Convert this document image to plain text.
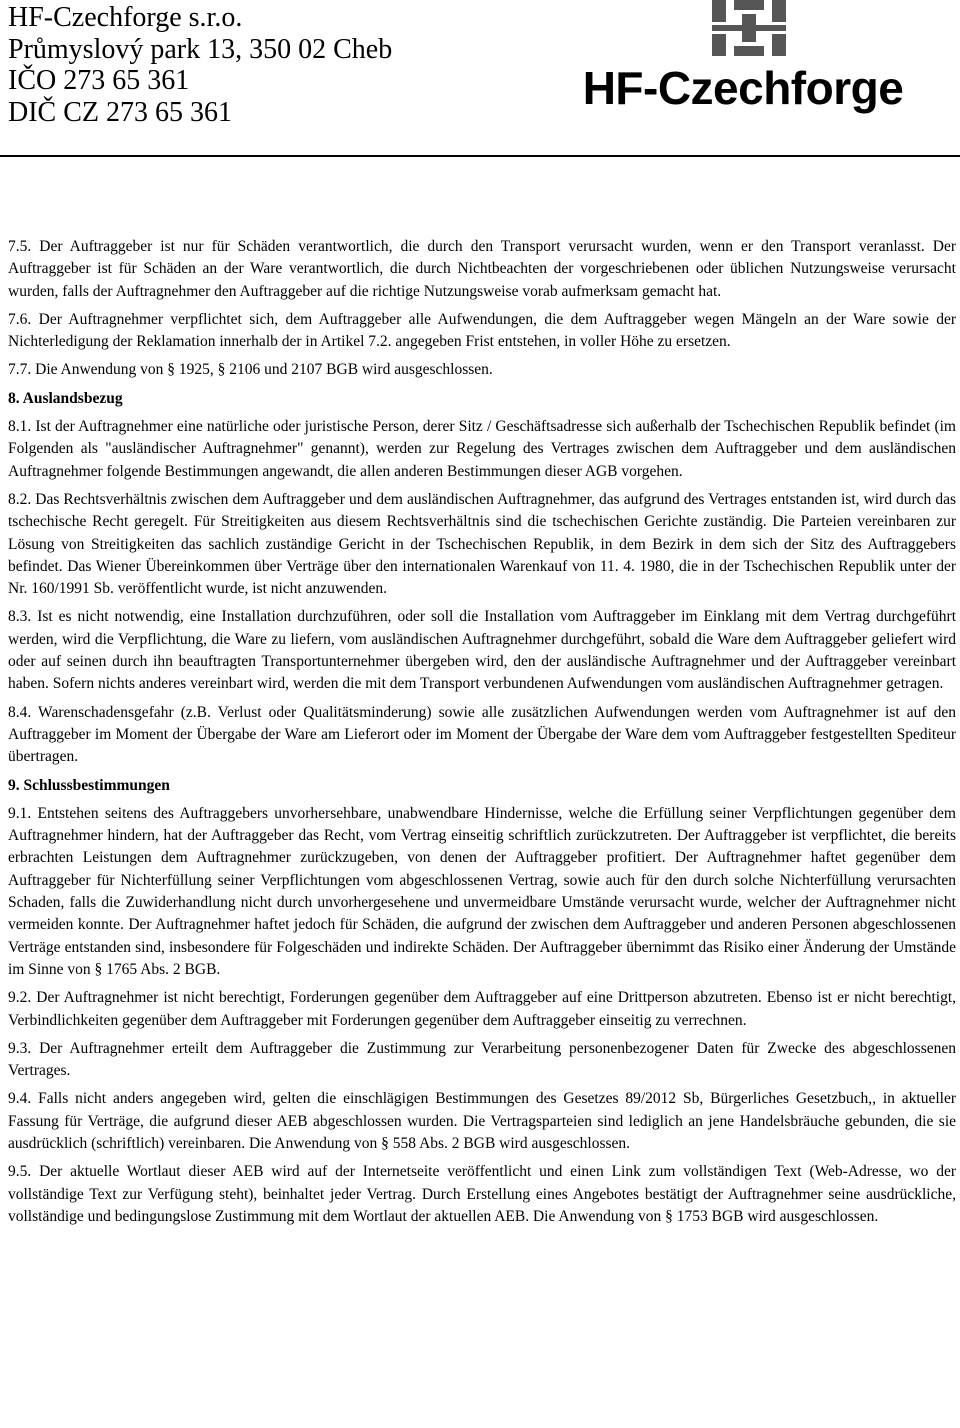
HF-Czechforge s.r.o.
Průmyslový park 13, 350 02 Cheb
IČO 273 65 361
DIČ CZ 273 65 361	HF-Czechforge

7.5. Der Auftraggeber ist nur für Schäden verantwortlich, die durch den Transport verursacht wurden, wenn er den Transport veranlasst. Der Auftraggeber ist für Schäden an der Ware verantwortlich, die durch Nichtbeachten der vorgeschriebenen oder üblichen Nutzungsweise verursacht wurden, falls der Auftragnehmer den Auftraggeber auf die richtige Nutzungsweise vorab aufmerksam gemacht hat.

7.6. Der Auftragnehmer verpflichtet sich, dem Auftraggeber alle Aufwendungen, die dem Auftraggeber wegen Mängeln an der Ware sowie der Nichterledigung der Reklamation innerhalb der in Artikel 7.2. angegeben Frist entstehen, in voller Höhe zu ersetzen.

7.7. Die Anwendung von § 1925, § 2106 und 2107 BGB wird ausgeschlossen.

8. Auslandsbezug

8.1. Ist der Auftragnehmer eine natürliche oder juristische Person, derer Sitz / Geschäftsadresse sich außerhalb der Tschechischen Republik befindet (im Folgenden als "ausländischer Auftragnehmer" genannt), werden zur Regelung des Vertrages zwischen dem Auftraggeber und dem ausländischen Auftragnehmer folgende Bestimmungen angewandt, die allen anderen Bestimmungen dieser AGB vorgehen.

8.2. Das Rechtsverhältnis zwischen dem Auftraggeber und dem ausländischen Auftragnehmer, das aufgrund des Vertrages entstanden ist, wird durch das tschechische Recht geregelt. Für Streitigkeiten aus diesem Rechtsverhältnis sind die tschechischen Gerichte zuständig. Die Parteien vereinbaren zur Lösung von Streitigkeiten das sachlich zuständige Gericht in der Tschechischen Republik, in dem Bezirk in dem sich der Sitz des Auftraggebers befindet. Das Wiener Übereinkommen über Verträge über den internationalen Warenkauf von 11. 4. 1980, die in der Tschechischen Republik unter der Nr. 160/1991 Sb. veröffentlicht wurde, ist nicht anzuwenden.

8.3. Ist es nicht notwendig, eine Installation durchzuführen, oder soll die Installation vom Auftraggeber im Einklang mit dem Vertrag durchgeführt werden, wird die Verpflichtung, die Ware zu liefern, vom ausländischen Auftragnehmer durchgeführt, sobald die Ware dem Auftraggeber geliefert wird oder auf seinen durch ihn beauftragten Transportunternehmer übergeben wird, den der ausländische Auftragnehmer und der Auftraggeber vereinbart haben. Sofern nichts anderes vereinbart wird, werden die mit dem Transport verbundenen Aufwendungen vom ausländischen Auftragnehmer getragen.

8.4. Warenschadensgefahr (z.B. Verlust oder Qualitätsminderung) sowie alle zusätzlichen Aufwendungen werden vom Auftragnehmer ist auf den Auftraggeber im Moment der Übergabe der Ware am Lieferort oder im Moment der Übergabe der Ware dem vom Auftraggeber festgestellten Spediteur übertragen.

9. Schlussbestimmungen

9.1. Entstehen seitens des Auftraggebers unvorhersehbare, unabwendbare Hindernisse, welche die Erfüllung seiner Verpflichtungen gegenüber dem Auftragnehmer hindern, hat der Auftraggeber das Recht, vom Vertrag einseitig schriftlich zurückzutreten. Der Auftraggeber ist verpflichtet, die bereits erbrachten Leistungen dem Auftragnehmer zurückzugeben, von denen der Auftraggeber profitiert. Der Auftragnehmer haftet gegenüber dem Auftraggeber für Nichterfüllung seiner Verpflichtungen vom abgeschlossenen Vertrag, sowie auch für den durch solche Nichterfüllung verursachten Schaden, falls die Zuwiderhandlung nicht durch unvorhergesehene und unvermeidbare Umstände verursacht wurde, welcher der Auftragnehmer nicht vermeiden konnte. Der Auftragnehmer haftet jedoch für Schäden, die aufgrund der zwischen dem Auftraggeber und anderen Personen abgeschlossenen Verträge entstanden sind, insbesondere für Folgeschäden und indirekte Schäden. Der Auftraggeber übernimmt das Risiko einer Änderung der Umstände im Sinne von § 1765 Abs. 2 BGB.

9.2. Der Auftragnehmer ist nicht berechtigt, Forderungen gegenüber dem Auftraggeber auf eine Drittperson abzutreten. Ebenso ist er nicht berechtigt, Verbindlichkeiten gegenüber dem Auftraggeber mit Forderungen gegenüber dem Auftraggeber einseitig zu verrechnen.

9.3. Der Auftragnehmer erteilt dem Auftraggeber die Zustimmung zur Verarbeitung personenbezogener Daten für Zwecke des abgeschlossenen Vertrages.

9.4. Falls nicht anders angegeben wird, gelten die einschlägigen Bestimmungen des Gesetzes 89/2012 Sb, Bürgerliches Gesetzbuch,, in aktueller Fassung für Verträge, die aufgrund dieser AEB abgeschlossen wurden. Die Vertragsparteien sind lediglich an jene Handelsbräuche gebunden, die sie ausdrücklich (schriftlich) vereinbaren. Die Anwendung von § 558 Abs. 2 BGB wird ausgeschlossen.

9.5. Der aktuelle Wortlaut dieser AEB wird auf der Internetseite veröffentlicht und einen Link zum vollständigen Text (Web-Adresse, wo der vollständige Text zur Verfügung steht), beinhaltet jeder Vertrag. Durch Erstellung eines Angebotes bestätigt der Auftragnehmer seine ausdrückliche, vollständige und bedingungslose Zustimmung mit dem Wortlaut der aktuellen AEB. Die Anwendung von § 1753 BGB wird ausgeschlossen.
